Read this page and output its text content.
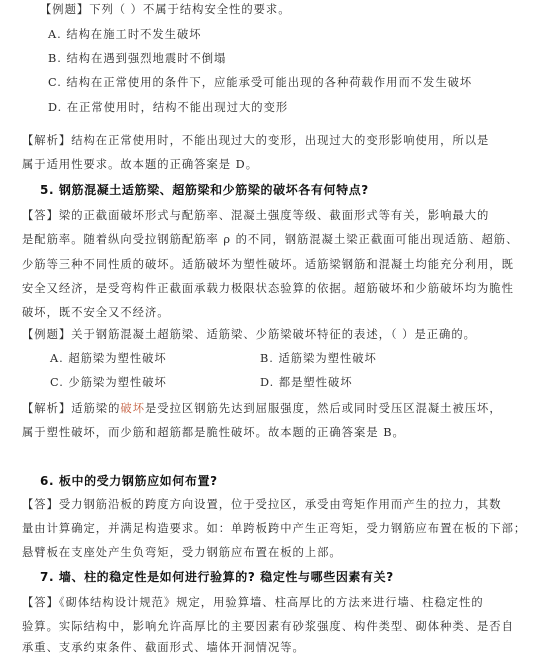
【例题】下列（ ）不属于结构安全性的要求。
A. 结构在施工时不发生破坏
B. 结构在遇到强烈地震时不倒塌
C. 结构在正常使用的条件下，应能承受可能出现的各种荷载作用而不发生破坏
D. 在正常使用时，结构不能出现过大的变形
【解析】结构在正常使用时，不能出现过大的变形，出现过大的变形影响使用，所以是
属于适用性要求。故本题的正确答案是 D。
5. 钢筋混凝土适筋梁、超筋梁和少筋梁的破坏各有何特点?
【答】梁的正截面破坏形式与配筋率、混凝土强度等级、截面形式等有关，影响最大的
是配筋率。随着纵向受拉钢筋配筋率 ρ 的不同，钢筋混凝土梁正截面可能出现适筋、超筋、
少筋等三种不同性质的破坏。适筋破坏为塑性破坏。适筋梁钢筋和混凝土均能充分利用，既
安全又经济，是受弯构件正截面承载力极限状态验算的依据。超筋破坏和少筋破坏均为脆性
破坏，既不安全又不经济。
【例题】关于钢筋混凝土超筋梁、适筋梁、少筋梁破坏特征的表述，（ ）是正确的。
A. 超筋梁为塑性破坏	B. 适筋梁为塑性破坏
C. 少筋梁为塑性破坏	D. 都是塑性破坏
【解析】适筋梁的破坏是受拉区钢筋先达到屈服强度，然后或同时受压区混凝土被压坏，
属于塑性破坏，而少筋和超筋都是脆性破坏。故本题的正确答案是 B。
6. 板中的受力钢筋应如何布置?
【答】受力钢筋沿板的跨度方向设置，位于受拉区，承受由弯矩作用而产生的拉力，其数
量由计算确定，并满足构造要求。如：单跨板跨中产生正弯矩，受力钢筋应布置在板的下部；
悬臂板在支座处产生负弯矩，受力钢筋应布置在板的上部。
7. 墙、柱的稳定性是如何进行验算的? 稳定性与哪些因素有关?
【答】《砌体结构设计规范》规定，用验算墙、柱高厚比的方法来进行墙、柱稳定性的
验算。实际结构中，影响允许高厚比的主要因素有砂浆强度、构件类型、砌体种类、是否自
承重、支承约束条件、截面形式、墙体开洞情况等。
